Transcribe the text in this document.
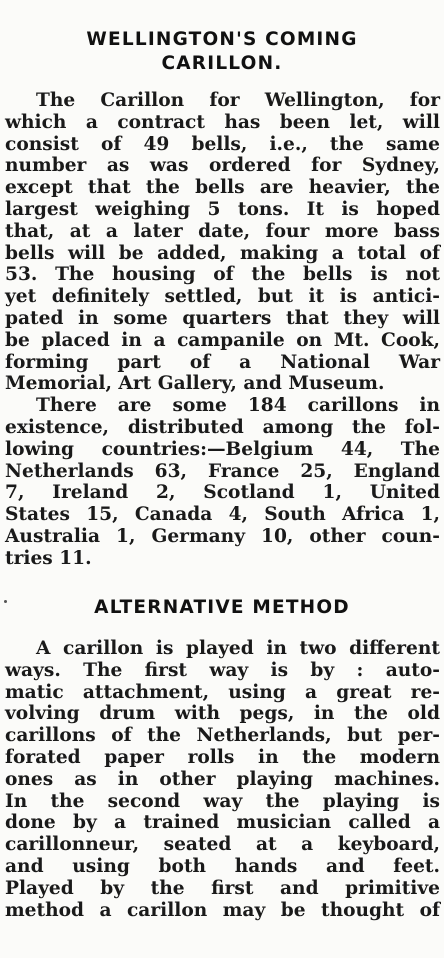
WELLINGTON'S COMING
CARILLON.
The Carillon for Wellington, for
which a contract has been let, will
consist of 49 bells, i.e., the same
number as was ordered for Sydney,
except that the bells are heavier, the
largest weighing 5 tons. It is hoped
that, at a later date, four more bass
bells will be added, making a total of
53. The housing of the bells is not
yet definitely settled, but it is antici-
pated in some quarters that they will
be placed in a campanile on Mt. Cook,
forming part of a National War
Memorial, Art Gallery, and Museum.
There are some 184 carillons in
existence, distributed among the fol-
lowing countries:—Belgium 44, The
Netherlands 63, France 25, England
7, Ireland 2, Scotland 1, United
States 15, Canada 4, South Africa 1,
Australia 1, Germany 10, other coun-
tries 11.
ALTERNATIVE METHOD
A carillon is played in two different
ways. The first way is by : auto-
matic attachment, using a great re-
volving drum with pegs, in the old
carillons of the Netherlands, but per-
forated paper rolls in the modern
ones as in other playing machines.
In the second way the playing is
done by a trained musician called a
carillonneur, seated at a keyboard,
and using both hands and feet.
Played by the first and primitive
method a carillon may be thought of
